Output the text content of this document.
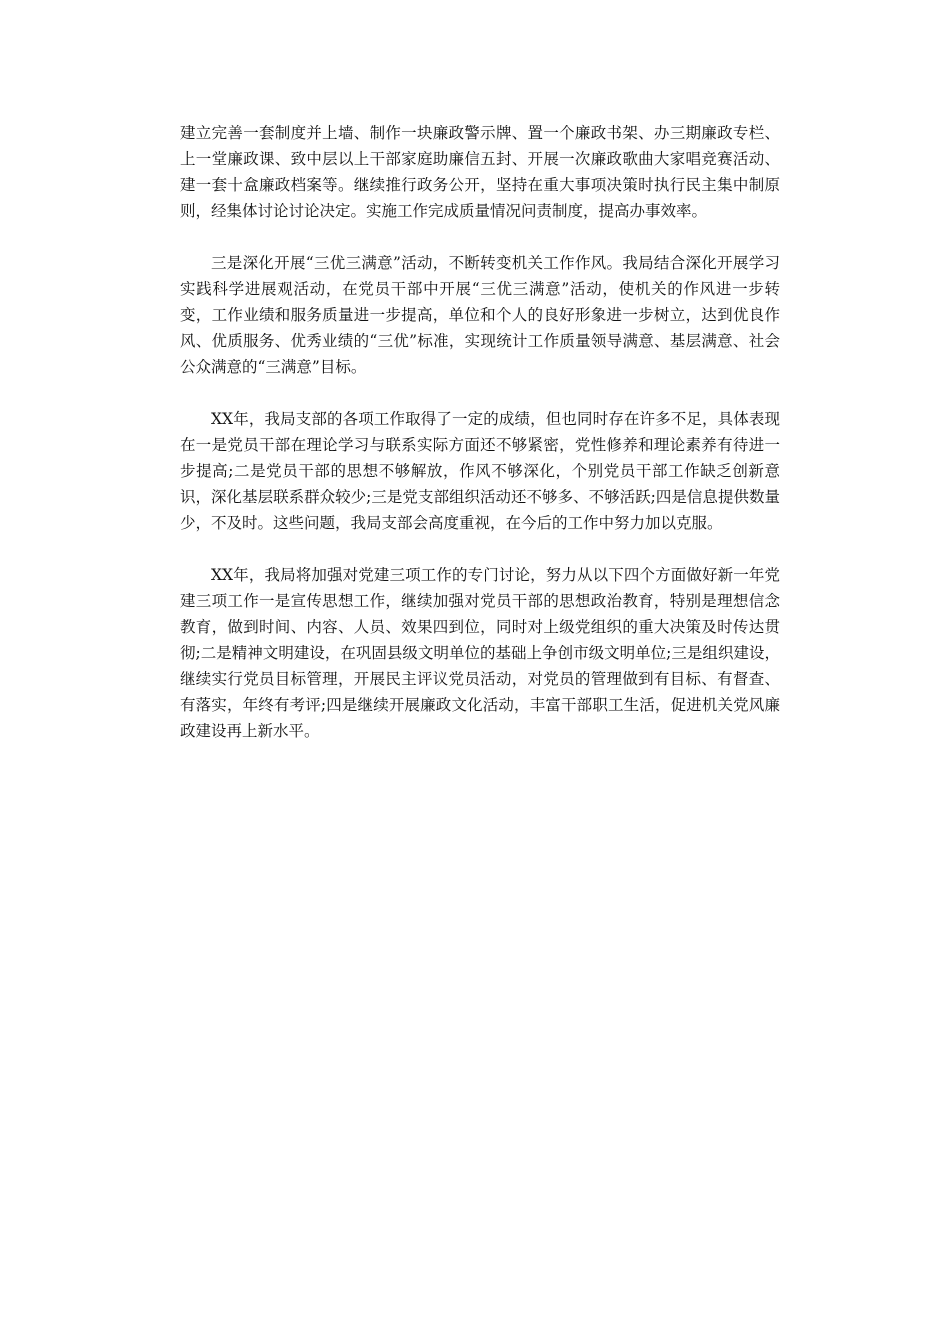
建立完善一套制度并上墙、制作一块廉政警示牌、置一个廉政书架、办三期廉政专栏、上一堂廉政课、致中层以上干部家庭助廉信五封、开展一次廉政歌曲大家唱竞赛活动、建一套十盒廉政档案等。继续推行政务公开，坚持在重大事项决策时执行民主集中制原则，经集体讨论讨论决定。实施工作完成质量情况问责制度，提高办事效率。

三是深化开展“三优三满意”活动，不断转变机关工作作风。我局结合深化开展学习实践科学进展观活动，在党员干部中开展“三优三满意”活动，使机关的作风进一步转变，工作业绩和服务质量进一步提高，单位和个人的良好形象进一步树立，达到优良作风、优质服务、优秀业绩的“三优”标准，实现统计工作质量领导满意、基层满意、社会公众满意的“三满意”目标。

XX年，我局支部的各项工作取得了一定的成绩，但也同时存在许多不足，具体表现在一是党员干部在理论学习与联系实际方面还不够紧密，党性修养和理论素养有待进一步提高;二是党员干部的思想不够解放，作风不够深化，个别党员干部工作缺乏创新意识，深化基层联系群众较少;三是党支部组织活动还不够多、不够活跃;四是信息提供数量少，不及时。这些问题，我局支部会高度重视，在今后的工作中努力加以克服。

XX年，我局将加强对党建三项工作的专门讨论，努力从以下四个方面做好新一年党建三项工作一是宣传思想工作，继续加强对党员干部的思想政治教育，特别是理想信念教育，做到时间、内容、人员、效果四到位，同时对上级党组织的重大决策及时传达贯彻;二是精神文明建设，在巩固县级文明单位的基础上争创市级文明单位;三是组织建设，继续实行党员目标管理，开展民主评议党员活动，对党员的管理做到有目标、有督查、有落实，年终有考评;四是继续开展廉政文化活动，丰富干部职工生活，促进机关党风廉政建设再上新水平。
